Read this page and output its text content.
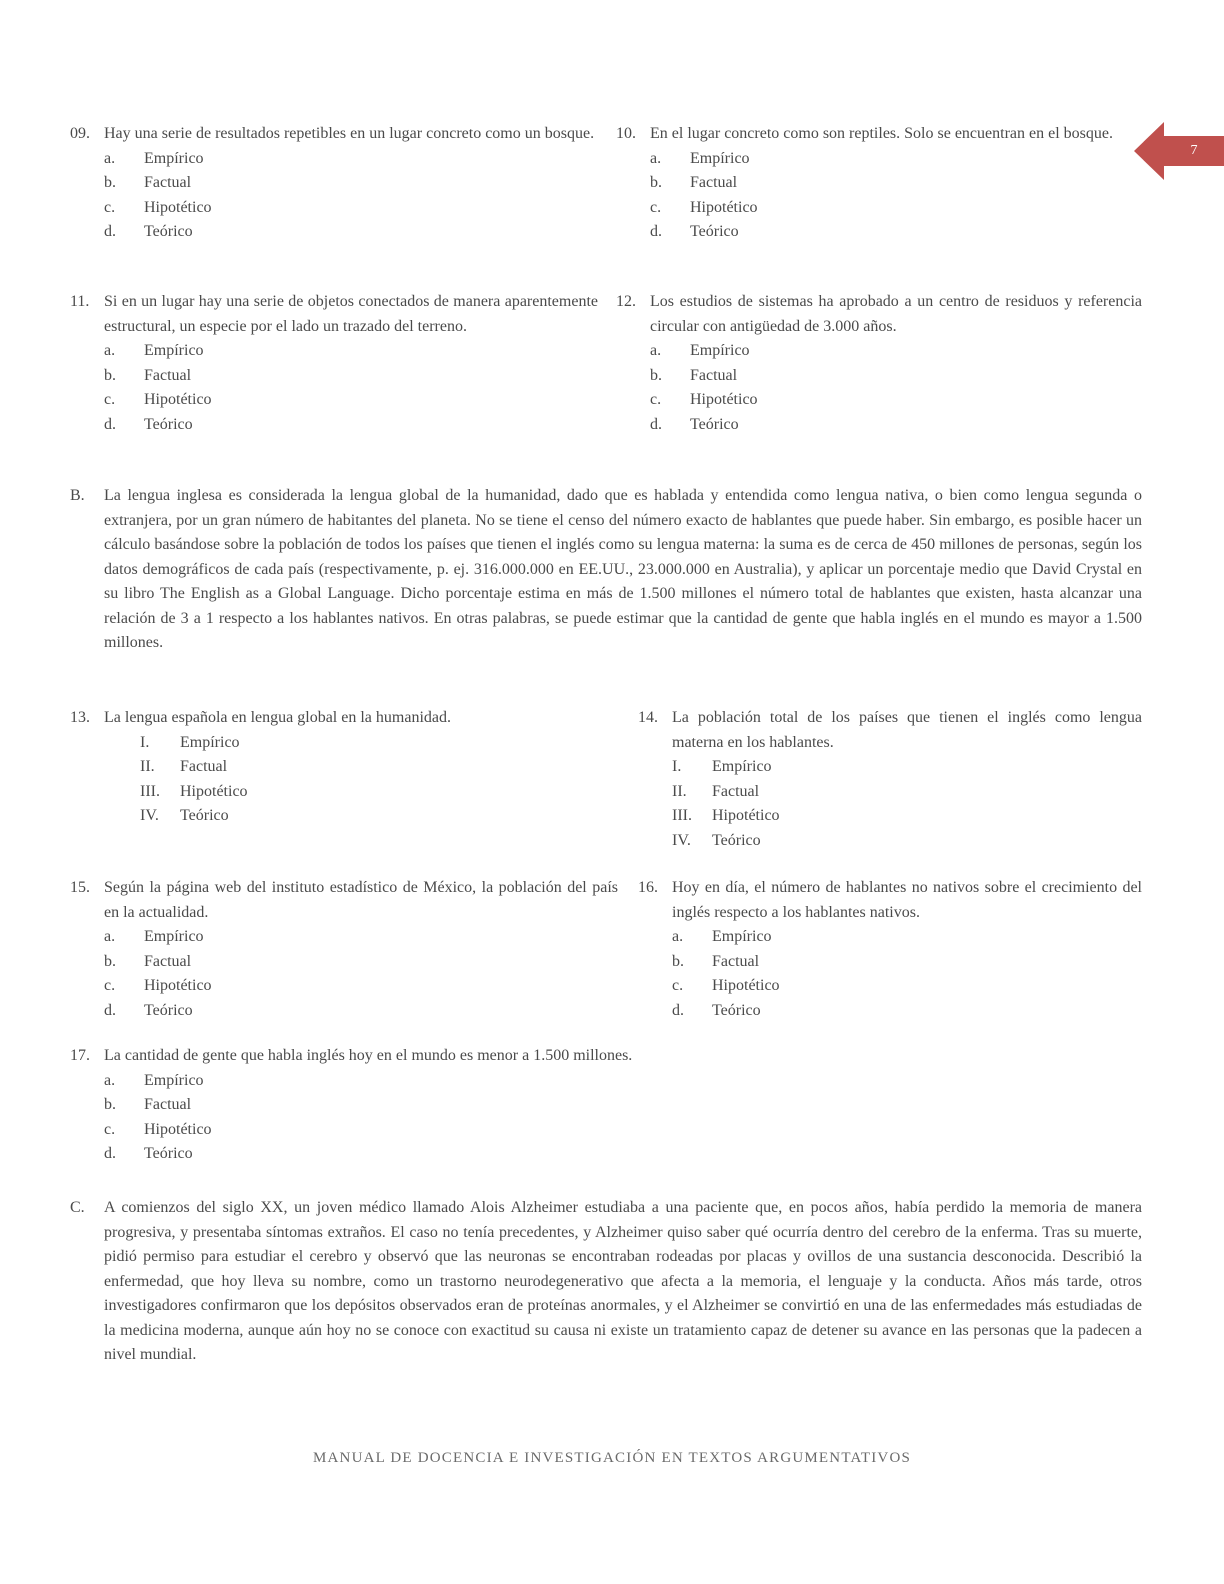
7
09. Hay una serie de resultados repetibles en un lugar concreto como un bosque.
a. Empírico
b. Factual
c. Hipotético
d. Teórico
10. En el lugar concreto como son reptiles. Solo se encuentran en el bosque.
a. Empírico
b. Factual
c. Hipotético
d. Teórico
11. Si en un lugar hay una serie de objetos conectados de manera aparentemente estructural, un especie por el lado un trazado del terreno.
a. Empírico
b. Factual
c. Hipotético
d. Teórico
12. Los estudios de sistemas ha aprobado a un centro de residuos y referencia circular con antigüedad de 3.000 años.
a. Empírico
b. Factual
c. Hipotético
d. Teórico
B. La lengua inglesa es considerada la lengua global de la humanidad, dado que es hablada y entendida como lengua nativa, o bien como lengua segunda o extranjera, por un gran número de habitantes del planeta. No se tiene el censo del número exacto de hablantes que puede haber. Sin embargo, es posible hacer un cálculo basándose sobre la población de todos los países que tienen el inglés como su lengua materna: la suma es de cerca de 450 millones de personas, según los datos demográficos de cada país (respectivamente, p. ej. 316.000.000 en EE.UU., 23.000.000 en Australia), y aplicar un porcentaje medio que David Crystal en su libro The English as a Global Language. Dicho porcentaje estima en más de 1.500 millones el número total de hablantes que existen, hasta alcanzar una relación de 3 a 1 respecto a los hablantes nativos. En otras palabras, se puede estimar que la cantidad de gente que habla inglés en el mundo es mayor a 1.500 millones.
13. La lengua española en lengua global en la humanidad.
I. Empírico
II. Factual
III. Hipotético
IV. Teórico
14. La población total de los países que tienen el inglés como lengua materna en los hablantes.
I. Empírico
II. Factual
III. Hipotético
IV. Teórico
15. Según la página web del instituto estadístico de México, la población del país en la actualidad.
a. Empírico
b. Factual
c. Hipotético
d. Teórico
16. Hoy en día, el número de hablantes no nativos sobre el crecimiento del inglés respecto a los hablantes nativos.
a. Empírico
b. Factual
c. Hipotético
d. Teórico
17. La cantidad de gente que habla inglés hoy en el mundo es menor a 1.500 millones.
a. Empírico
b. Factual
c. Hipotético
d. Teórico
C. A comienzos del siglo XX, un joven médico llamado Alois Alzheimer estudiaba a una paciente que, en pocos años, había perdido la memoria de manera progresiva, y presentaba síntomas extraños. El caso no tenía precedentes, y Alzheimer quiso saber qué ocurría dentro del cerebro de la enferma. Tras su muerte, pidió permiso para estudiar el cerebro y observó que las neuronas se encontraban rodeadas por placas y ovillos de una sustancia desconocida. Describió la enfermedad, que hoy lleva su nombre, como un trastorno neurodegenerativo que afecta a la memoria, el lenguaje y la conducta. Años más tarde, otros investigadores confirmaron que los depósitos observados eran de proteínas anormales, y el Alzheimer se convirtió en una de las enfermedades más estudiadas de la medicina moderna, aunque aún hoy no se conoce con exactitud su causa ni existe un tratamiento capaz de detener su avance en las personas que la padecen a nivel mundial.
MANUAL DE DOCENCIA E INVESTIGACIÓN EN TEXTOS ARGUMENTATIVOS
